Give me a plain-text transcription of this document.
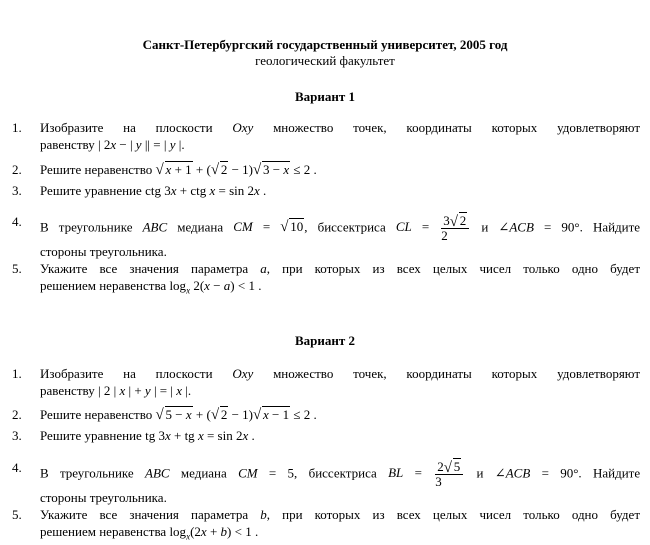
Санкт-Петербургский государственный университет, 2005 год
геологический факультет
Вариант 1
1.	Изобразите на плоскости Oxy множество точек, координаты которых удовлетворяют
равенству | 2x − | y || = | y |.
2.	Решите неравенство √ x + 1 + ( √ 2 − 1) √ 3 − x ≤ 2 .
3.	Решите уравнение ctg 3x + ctg x = sin 2x .
4.	В треугольнике ABC медиана CM = √ 10, биссектриса CL = $\frac{3 √ 2}{2}$ и ∠ACB = 90°. Найдите
стороны треугольника.
5.	Укажите все значения параметра a, при которых из всех целых чисел только одно будет
решением неравенства $\log_x 2(x - a) < 1$ .
Вариант 2
1.	Изобразите на плоскости Oxy множество точек, координаты которых удовлетворяют
равенству | 2 | x | + y | = | x |.
2.	Решите неравенство √ 5 − x + ( √ 2 − 1) √ x − 1 ≤ 2 .
3.	Решите уравнение tg 3x + tg x = sin 2x .
4.	В треугольнике ABC медиана CM = 5, биссектриса BL = $\frac{2 √ 5}{3}$ и ∠ACB = 90°. Найдите
стороны треугольника.
5.	Укажите все значения параметра b, при которых из всех целых чисел только одно будет
решением неравенства $\log_x(2x + b) < 1$ .
